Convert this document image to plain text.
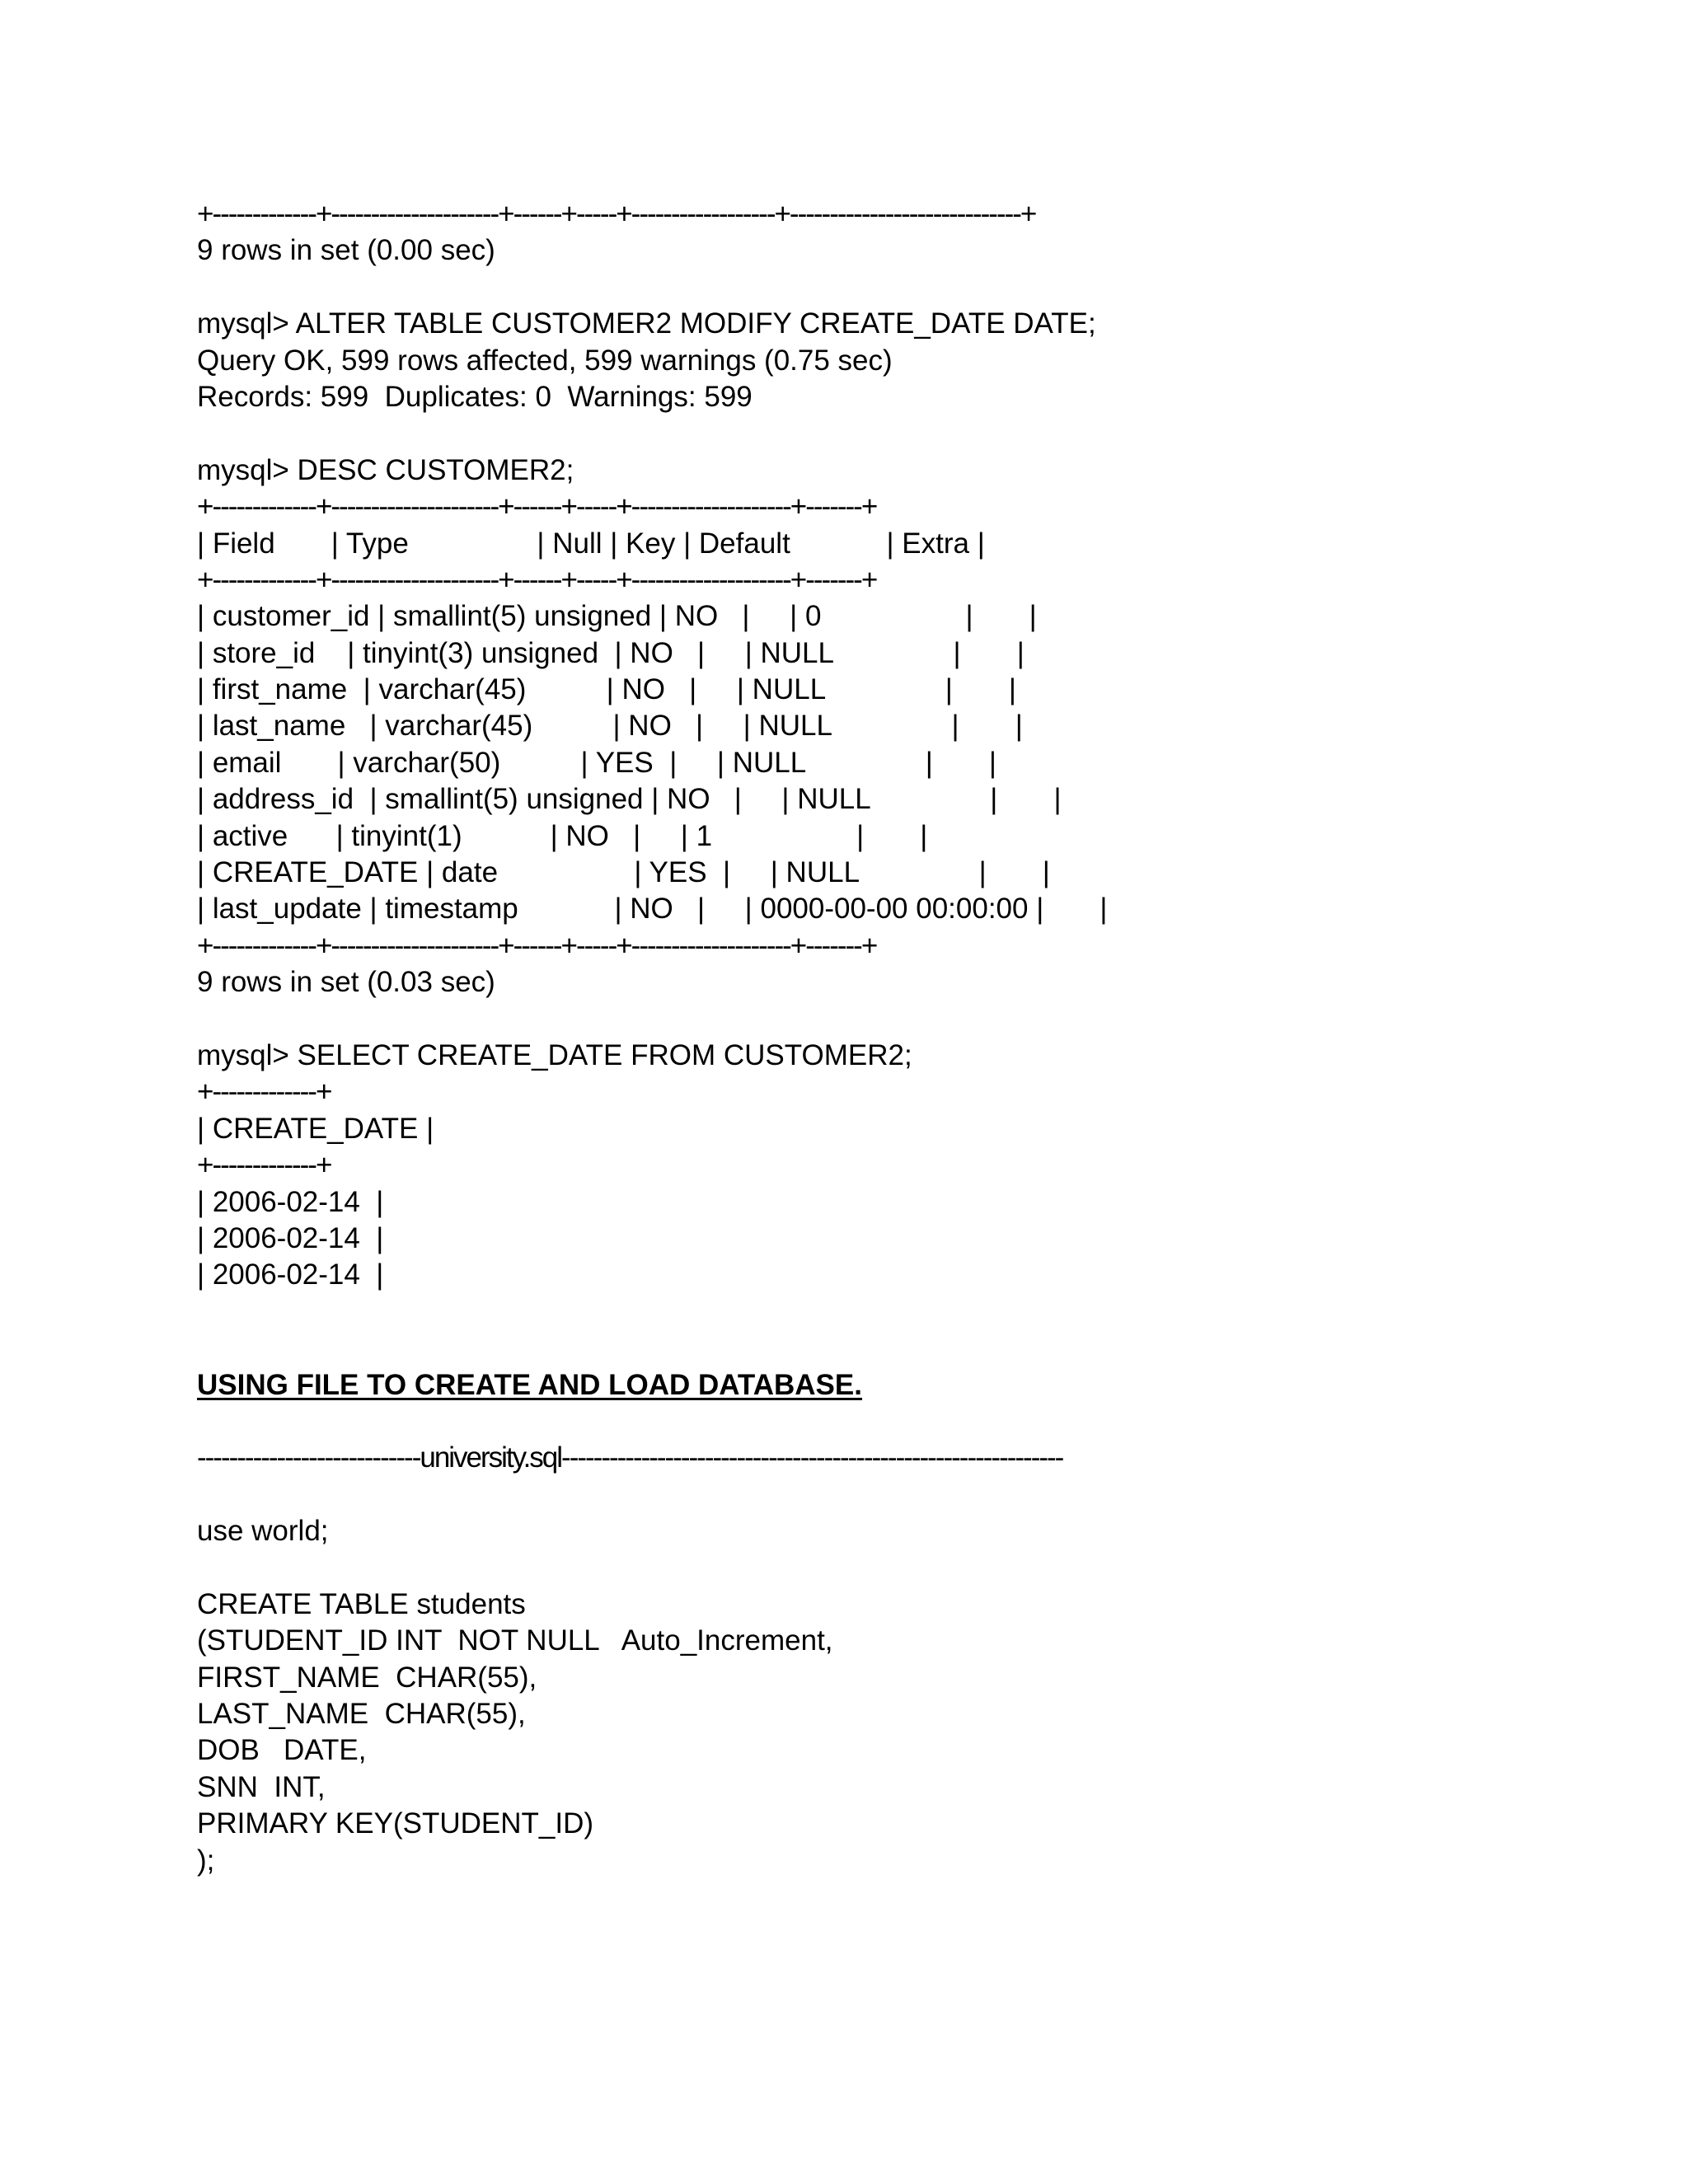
+-------------+---------------------+------+-----+------------------+-----------------------------+
9 rows in set (0.00 sec)
mysql> ALTER TABLE CUSTOMER2 MODIFY CREATE_DATE DATE;
Query OK, 599 rows affected, 599 warnings (0.75 sec)
Records: 599  Duplicates: 0  Warnings: 599
mysql> DESC CUSTOMER2;
+-------------+---------------------+------+-----+--------------------+-------+
| Field       | Type                | Null | Key | Default            | Extra |
+-------------+---------------------+------+-----+--------------------+-------+
| customer_id | smallint(5) unsigned | NO   |     | 0                  |       |
| store_id    | tinyint(3) unsigned  | NO   |     | NULL               |       |
| first_name  | varchar(45)          | NO   |     | NULL               |       |
| last_name   | varchar(45)          | NO   |     | NULL               |       |
| email       | varchar(50)          | YES  |     | NULL               |       |
| address_id  | smallint(5) unsigned | NO   |     | NULL               |       |
| active      | tinyint(1)           | NO   |     | 1                  |       |
| CREATE_DATE | date                 | YES  |     | NULL               |       |
| last_update | timestamp            | NO   |     | 0000-00-00 00:00:00 |       |
+-------------+---------------------+------+-----+--------------------+-------+
9 rows in set (0.03 sec)
mysql> SELECT CREATE_DATE FROM CUSTOMER2;
+-------------+
| CREATE_DATE |
+-------------+
| 2006-02-14  |
| 2006-02-14  |
| 2006-02-14  |
USING FILE TO CREATE AND LOAD DATABASE.
----------------------------university.sql---------------------------------------------------------------
use world;
CREATE TABLE students
(STUDENT_ID INT  NOT NULL   Auto_Increment,
FIRST_NAME  CHAR(55),
LAST_NAME  CHAR(55),
DOB   DATE,
SNN  INT,
PRIMARY KEY(STUDENT_ID)
);
